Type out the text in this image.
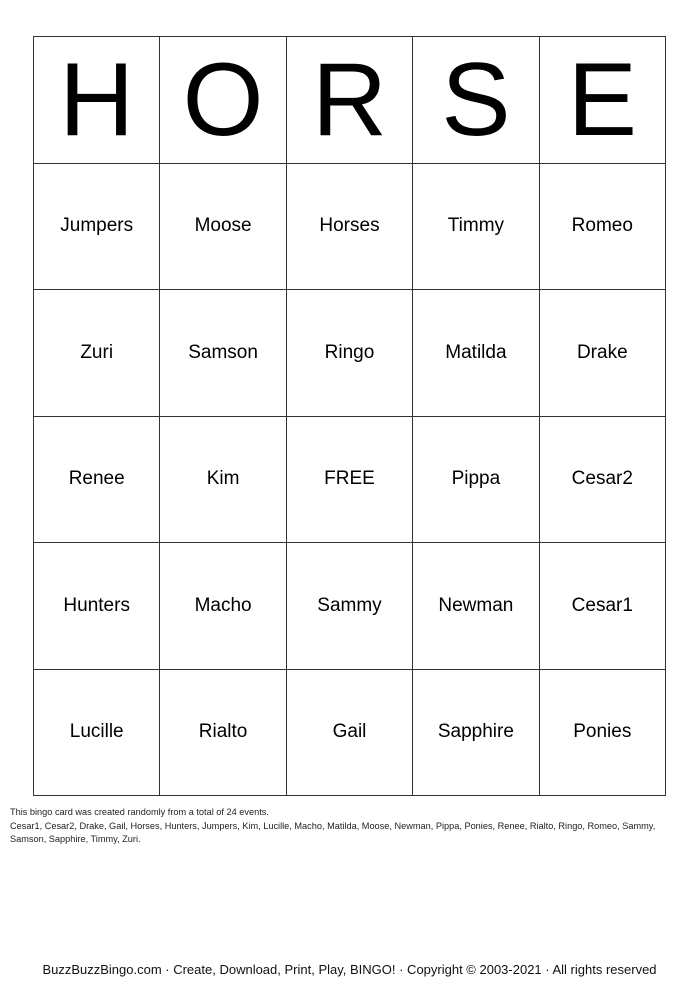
H O R S E
Jumpers	Moose	Horses	Timmy	Romeo
Zuri	Samson	Ringo	Matilda	Drake
Renee	Kim	FREE	Pippa	Cesar2
Hunters	Macho	Sammy	Newman	Cesar1
Lucille	Rialto	Gail	Sapphire	Ponies
This bingo card was created randomly from a total of 24 events.
Cesar1, Cesar2, Drake, Gail, Horses, Hunters, Jumpers, Kim, Lucille, Macho, Matilda, Moose, Newman, Pippa, Ponies, Renee, Rialto, Ringo, Romeo, Sammy, Samson, Sapphire, Timmy, Zuri.
BuzzBuzzBingo.com · Create, Download, Print, Play, BINGO! · Copyright © 2003-2021 · All rights reserved
